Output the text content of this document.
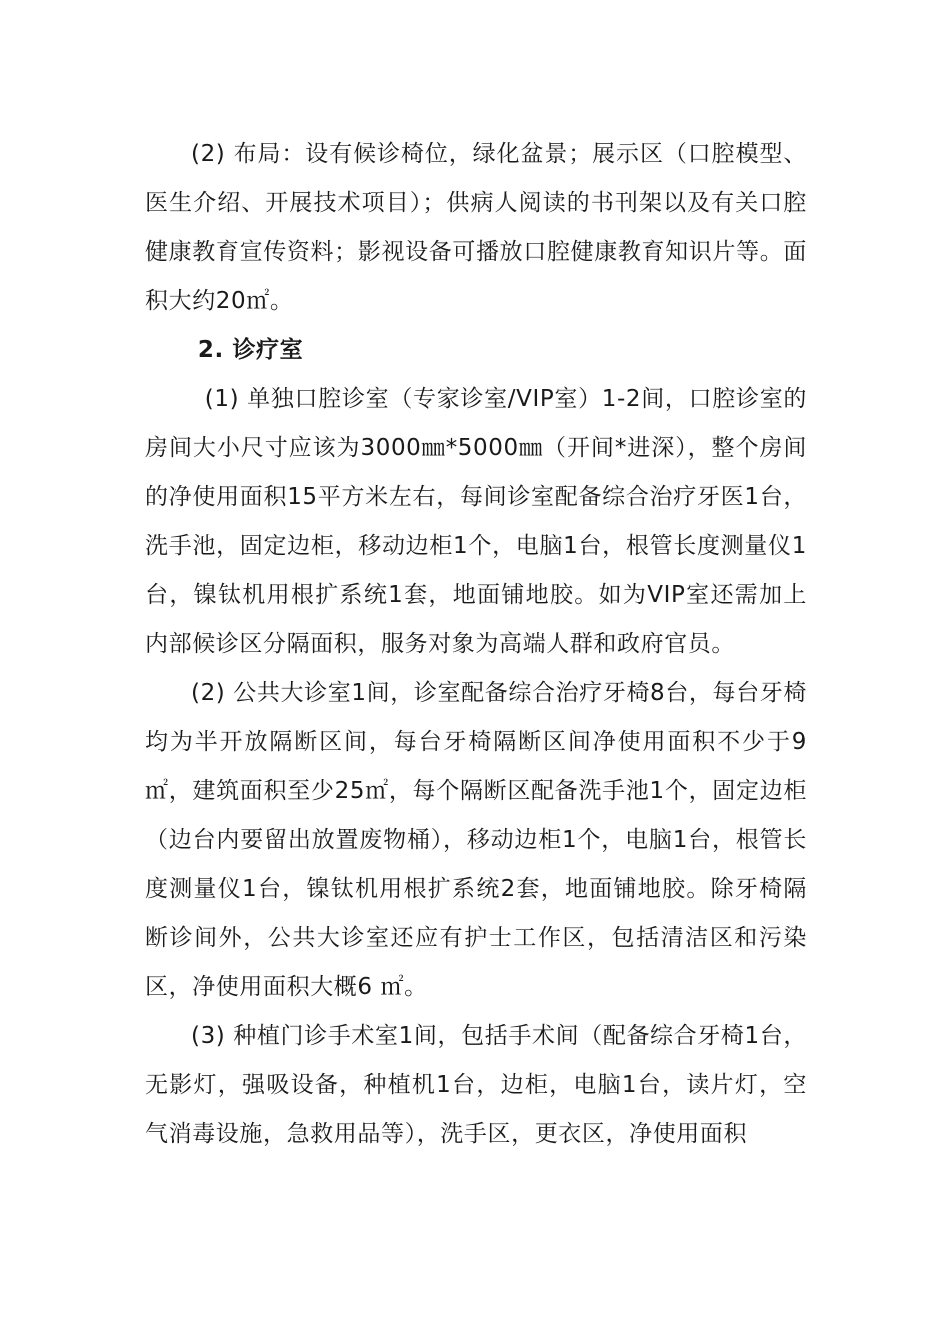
(2) 布局：设有候诊椅位，绿化盆景；展示区（口腔模型、医生介绍、开展技术项目）；供病人阅读的书刊架以及有关口腔健康教育宣传资料；影视设备可播放口腔健康教育知识片等。面积大约20㎡。

2. 诊疗室

(1) 单独口腔诊室（专家诊室/VIP室）1-2间，口腔诊室的房间大小尺寸应该为3000㎜*5000㎜（开间*进深），整个房间的净使用面积15平方米左右，每间诊室配备综合治疗牙医1台，洗手池，固定边柜，移动边柜1个，电脑1台，根管长度测量仪1台，镍钛机用根扩系统1套，地面铺地胶。如为VIP室还需加上内部候诊区分隔面积，服务对象为高端人群和政府官员。

(2) 公共大诊室1间，诊室配备综合治疗牙椅8台，每台牙椅均为半开放隔断区间，每台牙椅隔断区间净使用面积不少于9㎡，建筑面积至少25㎡，每个隔断区配备洗手池1个，固定边柜（边台内要留出放置废物桶），移动边柜1个，电脑1台，根管长度测量仪1台，镍钛机用根扩系统2套，地面铺地胶。除牙椅隔断诊间外，公共大诊室还应有护士工作区，包括清洁区和污染区，净使用面积大概6 ㎡。

(3) 种植门诊手术室1间，包括手术间（配备综合牙椅1台，无影灯，强吸设备，种植机1台，边柜，电脑1台，读片灯，空气消毒设施，急救用品等），洗手区，更衣区，净使用面积
